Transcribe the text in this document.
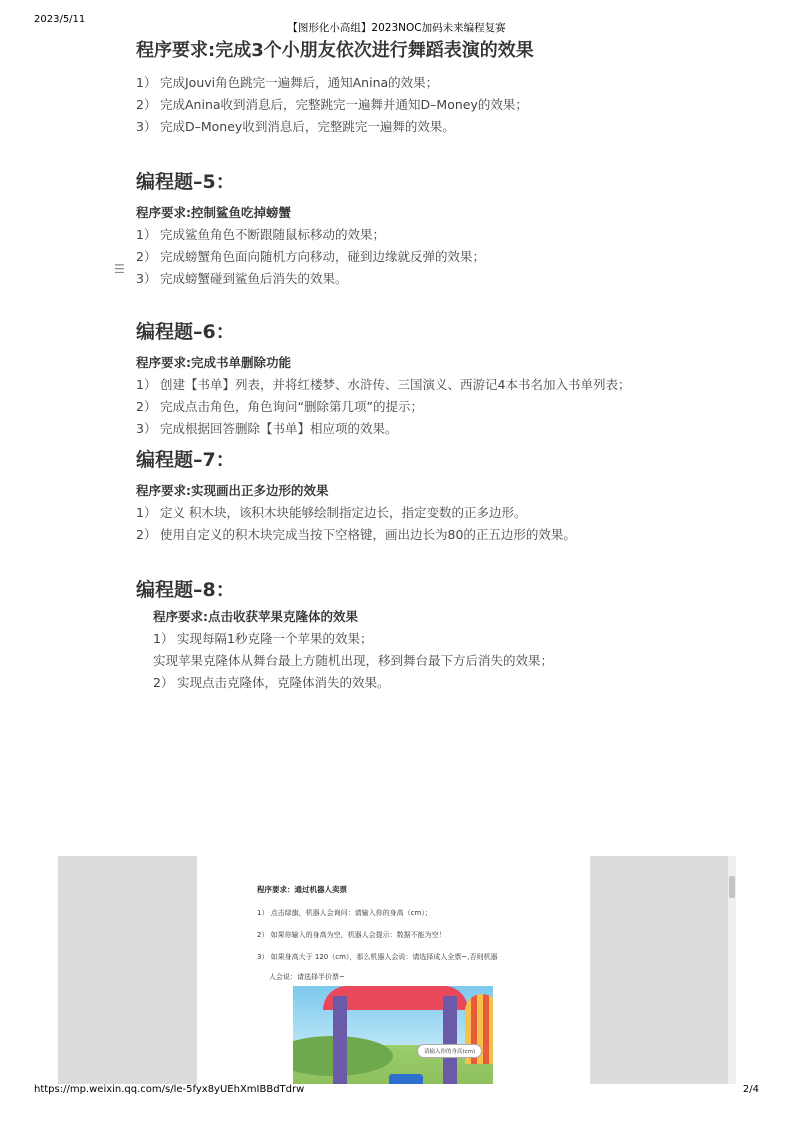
2023/5/11
【图形化小高组】2023NOC加码未来编程复赛
☰
程序要求:完成3个小朋友依次进行舞蹈表演的效果
1） 完成Jouvi角色跳完一遍舞后，通知Anina的效果；
2） 完成Anina收到消息后，完整跳完一遍舞并通知D–Money的效果；
3） 完成D–Money收到消息后，完整跳完一遍舞的效果。
编程题–5：
程序要求:控制鲨鱼吃掉螃蟹
1） 完成鲨鱼角色不断跟随鼠标移动的效果；
2） 完成螃蟹角色面向随机方向移动，碰到边缘就反弹的效果；
3） 完成螃蟹碰到鲨鱼后消失的效果。
编程题–6：
程序要求:完成书单删除功能
1） 创建【书单】列表，并将红楼梦、水浒传、三国演义、西游记4本书名加入书单列表；
2） 完成点击角色，角色询问“删除第几项”的提示；
3） 完成根据回答删除【书单】相应项的效果。
编程题–7：
程序要求:实现画出正多边形的效果
1） 定义 积木块，该积木块能够绘制指定边长，指定变数的正多边形。
2） 使用自定义的积木块完成当按下空格键，画出边长为80的正五边形的效果。
编程题–8：
程序要求:点击收获苹果克隆体的效果
1） 实现每隔1秒克隆一个苹果的效果；
实现苹果克隆体从舞台最上方随机出现，移到舞台最下方后消失的效果；
2） 实现点击克隆体，克隆体消失的效果。
程序要求：通过机器人卖票
1） 点击绿旗，机器人会询问：请输入你的身高（cm）；
2） 如果你输入的身高为空，机器人会提示：数据不能为空！
3） 如果身高大于 120（cm），那么机器人会说：请选择成人全票~,否则机器
人会说：请选择半价票~
请输入你的身高(cm)
https://mp.weixin.qq.com/s/le-5fyx8yUEhXmIBBdTdrw	2/4
